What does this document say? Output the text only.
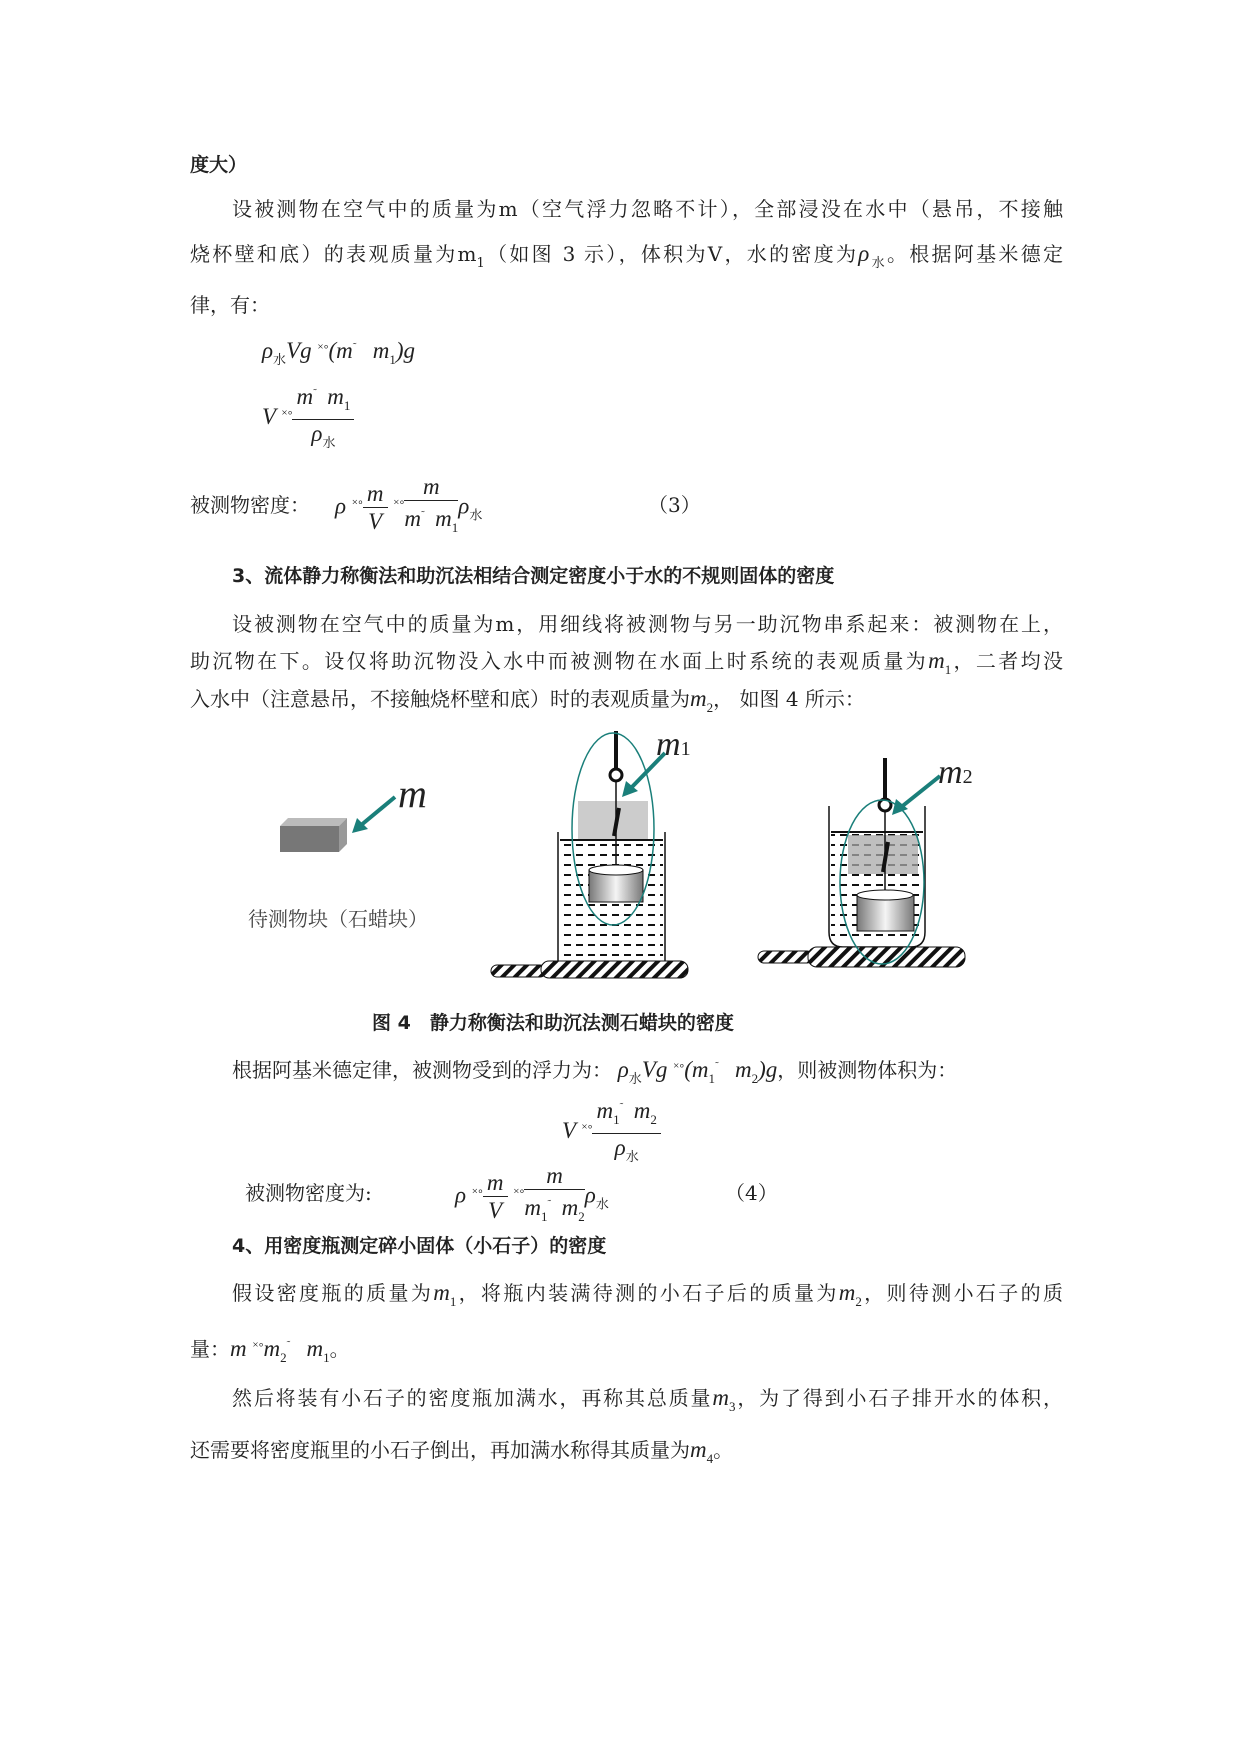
度大）
设被测物在空气中的质量为m（空气浮力忽略不计），全部浸没在水中（悬吊，不接触
烧杯壁和底）的表观质量为$m_1$（如图 3 示），体积为V，水的密度为$\rho_水$。根据阿基米德定
律，有：
$\rho_水Vg$ ×∘(m˜ $m_1)g$
V $^{\times\circ} \frac{m^˜ m_1}{\rho_水}$
被测物密度： ρ $^{\times\circ} \frac{m}{V} ^{\times\circ} \frac{m}{m^˜ m_1} \rho_水$	（3）
3、流体静力称衡法和助沉法相结合测定密度小于水的不规则固体的密度
设被测物在空气中的质量为m，用细线将被测物与另一助沉物串系起来：被测物在上，
助沉物在下。设仅将助沉物没入水中而被测物在水面上时系统的表观质量为$m_1$，二者均没
入水中（注意悬吊，不接触烧杯壁和底）时的表观质量为$m_2$， 如图 4 所示：
m
m1
m2
待测物块（石蜡块）
图 4　静力称衡法和助沉法测石蜡块的密度
根据阿基米德定律，被测物受到的浮力为： $\rho_水Vg$ $^{\times\circ}(m_1^˜$ $m_2)g$，则被测物体积为：
V $^{\times\circ} \frac{m_1^˜ m_2}{\rho_水}$
被测物密度为:	ρ $^{\times\circ} \frac{m}{V} ^{\times\circ} \frac{m}{m_1^˜ m_2} \rho_水$	（4）
4、用密度瓶测定碎小固体（小石子）的密度
假设密度瓶的质量为$m_1$，将瓶内装满待测的小石子后的质量为$m_2$，则待测小石子的质
量：m $^{\times\circ}m_2^˜$ $m_1$。
然后将装有小石子的密度瓶加满水，再称其总质量$m_3$，为了得到小石子排开水的体积，
还需要将密度瓶里的小石子倒出，再加满水称得其质量为$m_4$。
